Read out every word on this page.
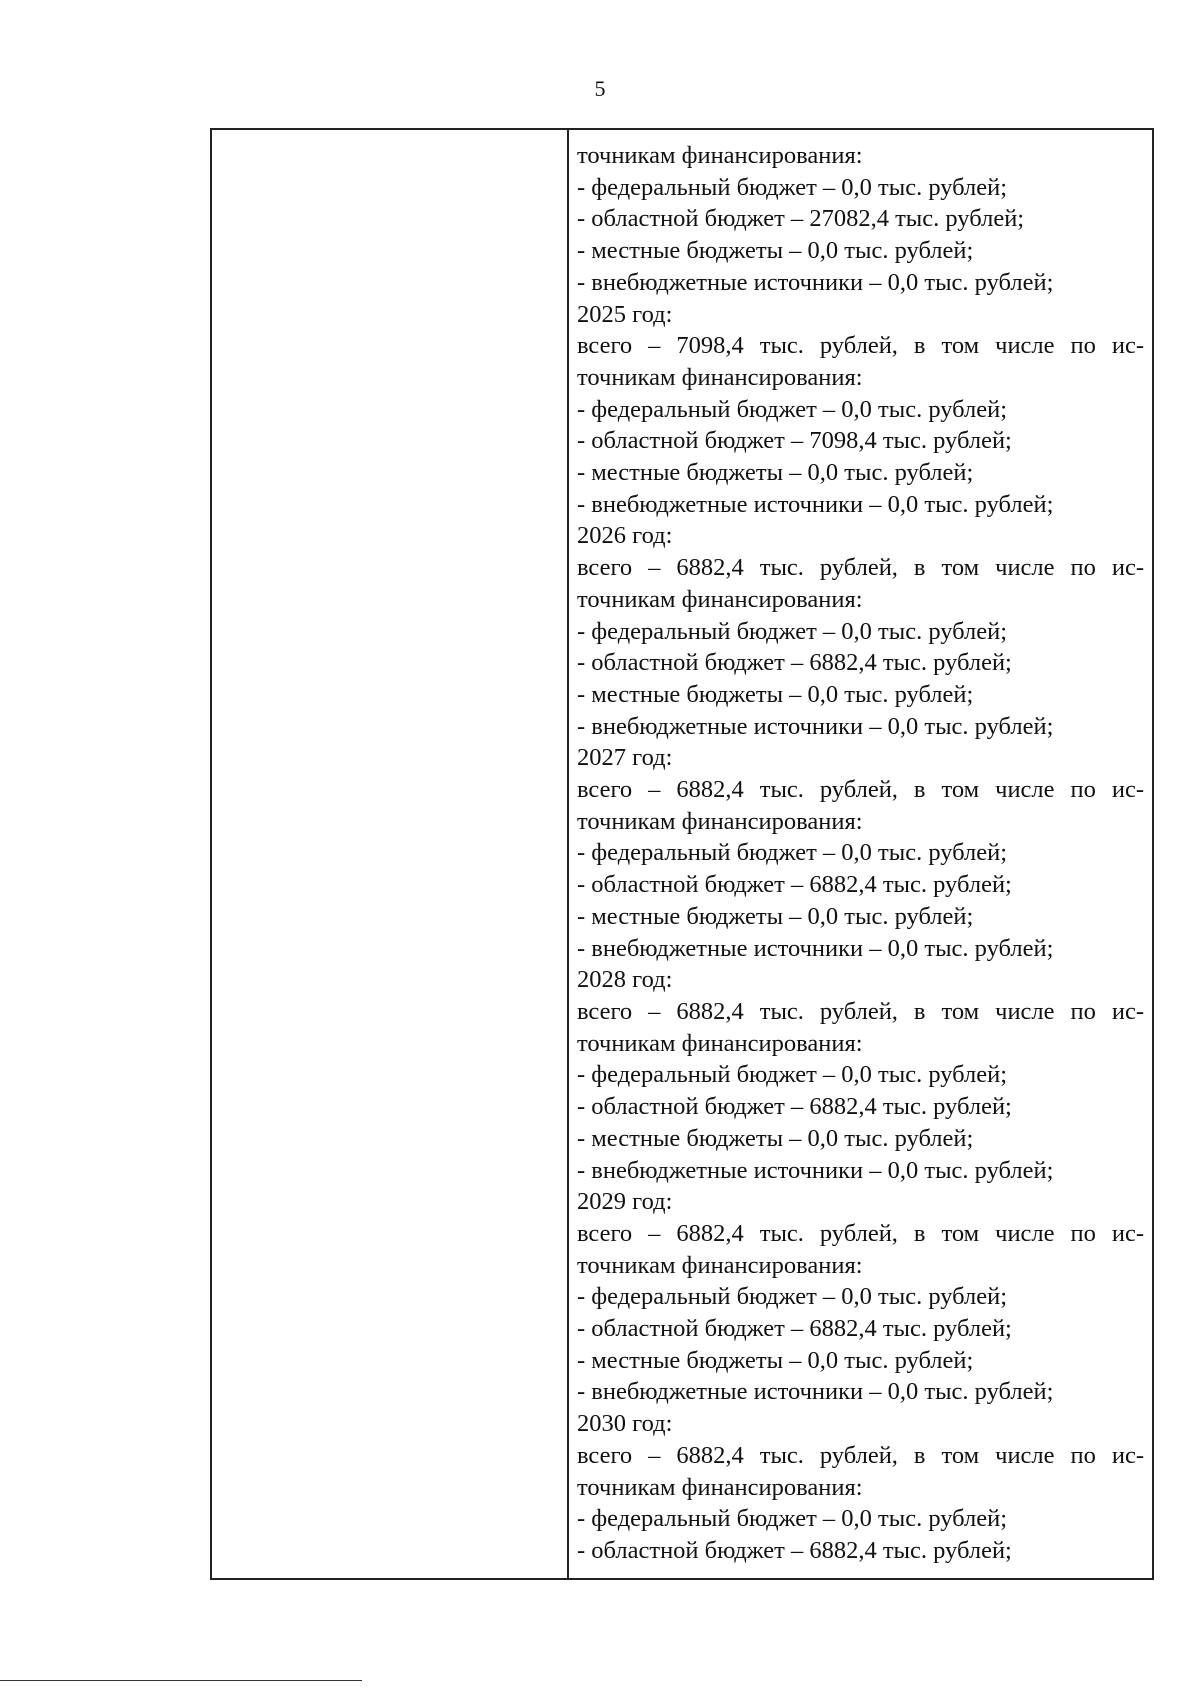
5
точникам финансирования:
- федеральный бюджет – 0,0 тыс. рублей;
- областной бюджет – 27082,4 тыс. рублей;
- местные бюджеты – 0,0 тыс. рублей;
- внебюджетные источники – 0,0 тыс. рублей;
2025 год:
всего – 7098,4 тыс. рублей, в том числе по ис-
точникам финансирования:
- федеральный бюджет – 0,0 тыс. рублей;
- областной бюджет – 7098,4 тыс. рублей;
- местные бюджеты – 0,0 тыс. рублей;
- внебюджетные источники – 0,0 тыс. рублей;
2026 год:
всего – 6882,4 тыс. рублей, в том числе по ис-
точникам финансирования:
- федеральный бюджет – 0,0 тыс. рублей;
- областной бюджет – 6882,4 тыс. рублей;
- местные бюджеты – 0,0 тыс. рублей;
- внебюджетные источники – 0,0 тыс. рублей;
2027 год:
всего – 6882,4 тыс. рублей, в том числе по ис-
точникам финансирования:
- федеральный бюджет – 0,0 тыс. рублей;
- областной бюджет – 6882,4 тыс. рублей;
- местные бюджеты – 0,0 тыс. рублей;
- внебюджетные источники – 0,0 тыс. рублей;
2028 год:
всего – 6882,4 тыс. рублей, в том числе по ис-
точникам финансирования:
- федеральный бюджет – 0,0 тыс. рублей;
- областной бюджет – 6882,4 тыс. рублей;
- местные бюджеты – 0,0 тыс. рублей;
- внебюджетные источники – 0,0 тыс. рублей;
2029 год:
всего – 6882,4 тыс. рублей, в том числе по ис-
точникам финансирования:
- федеральный бюджет – 0,0 тыс. рублей;
- областной бюджет – 6882,4 тыс. рублей;
- местные бюджеты – 0,0 тыс. рублей;
- внебюджетные источники – 0,0 тыс. рублей;
2030 год:
всего – 6882,4 тыс. рублей, в том числе по ис-
точникам финансирования:
- федеральный бюджет – 0,0 тыс. рублей;
- областной бюджет – 6882,4 тыс. рублей;
